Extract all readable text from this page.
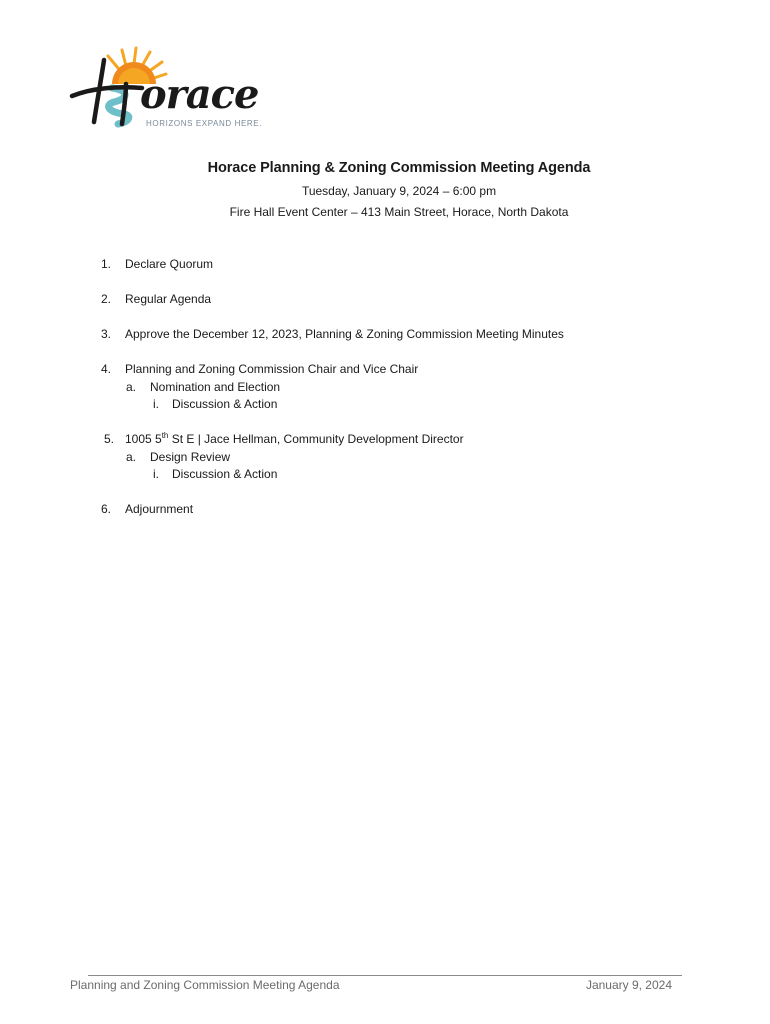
orace
HORIZONS EXPAND HERE.
Horace Planning & Zoning Commission Meeting Agenda
Tuesday, January 9, 2024 – 6:00 pm
Fire Hall Event Center – 413 Main Street, Horace, North Dakota
1. Declare Quorum
2. Regular Agenda
3. Approve the December 12, 2023, Planning & Zoning Commission Meeting Minutes
4. Planning and Zoning Commission Chair and Vice Chair
a. Nomination and Election
i. Discussion & Action
5. 1005 5th St E | Jace Hellman, Community Development Director
a. Design Review
i. Discussion & Action
6. Adjournment
Planning and Zoning Commission Meeting Agenda	January 9, 2024
